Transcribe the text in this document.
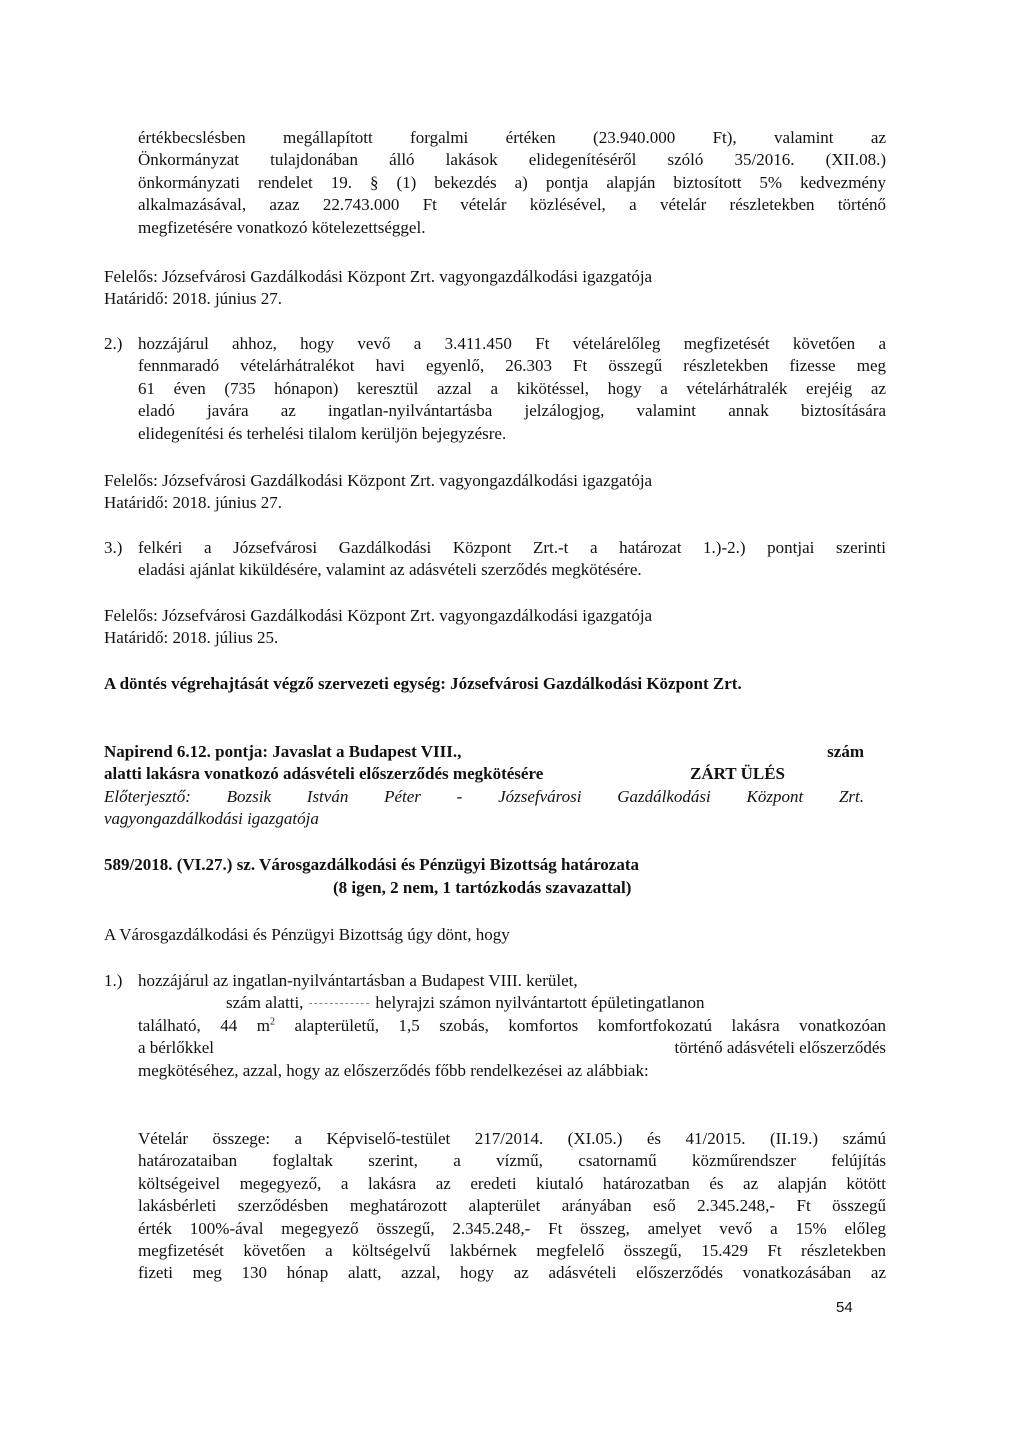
értékbecslésben megállapított forgalmi értéken (23.940.000 Ft), valamint az
Önkormányzat tulajdonában álló lakások elidegenítéséről szóló 35/2016. (XII.08.)
önkormányzati rendelet 19. § (1) bekezdés a) pontja alapján biztosított 5% kedvezmény
alkalmazásával, azaz 22.743.000 Ft vételár közlésével, a vételár részletekben történő
megfizetésére vonatkozó kötelezettséggel.
Felelős: Józsefvárosi Gazdálkodási Központ Zrt. vagyongazdálkodási igazgatója
Határidő: 2018. június 27.
2.) hozzájárul ahhoz, hogy vevő a 3.411.450 Ft vételárelőleg megfizetését követően a
fennmaradó vételárhátralékot havi egyenlő, 26.303 Ft összegű részletekben fizesse meg
61 éven (735 hónapon) keresztül azzal a kikötéssel, hogy a vételárhátralék erejéig az
eladó javára az ingatlan-nyilvántartásba jelzálogjog, valamint annak biztosítására
elidegenítési és terhelési tilalom kerüljön bejegyzésre.
Felelős: Józsefvárosi Gazdálkodási Központ Zrt. vagyongazdálkodási igazgatója
Határidő: 2018. június 27.
3.) felkéri a Józsefvárosi Gazdálkodási Központ Zrt.-t a határozat 1.)-2.) pontjai szerinti
eladási ajánlat kiküldésére, valamint az adásvételi szerződés megkötésére.
Felelős: Józsefvárosi Gazdálkodási Központ Zrt. vagyongazdálkodási igazgatója
Határidő: 2018. július 25.
A döntés végrehajtását végző szervezeti egység: Józsefvárosi Gazdálkodási Központ Zrt.
Napirend 6.12. pontja: Javaslat a Budapest VIII.,	szám
alatti lakásra vonatkozó adásvételi előszerződés megkötésére	ZÁRT ÜLÉS
Előterjesztő: Bozsik István Péter - Józsefvárosi Gazdálkodási Központ Zrt.
vagyongazdálkodási igazgatója
589/2018. (VI.27.) sz. Városgazdálkodási és Pénzügyi Bizottság határozata
(8 igen, 2 nem, 1 tartózkodás szavazattal)
A Városgazdálkodási és Pénzügyi Bizottság úgy dönt, hogy
1.) hozzájárul az ingatlan-nyilvántartásban a Budapest VIII. kerület,
szám alatti,	helyrajzi számon nyilvántartott épületingatlanon
található, 44 $m^2$ alapterületű, 1,5 szobás, komfortos komfortfokozatú lakásra vonatkozóan
a bérlőkkel	történő adásvételi előszerződés
megkötéséhez, azzal, hogy az előszerződés főbb rendelkezései az alábbiak:
Vételár összege: a Képviselő-testület 217/2014. (XI.05.) és 41/2015. (II.19.) számú
határozataiban foglaltak szerint, a vízmű, csatornamű közműrendszer felújítás
költségeivel megegyező, a lakásra az eredeti kiutaló határozatban és az alapján kötött
lakásbérleti szerződésben meghatározott alapterület arányában eső 2.345.248,- Ft összegű
érték 100%-ával megegyező összegű, 2.345.248,- Ft összeg, amelyet vevő a 15% előleg
megfizetését követően a költségelvű lakbérnek megfelelő összegű, 15.429 Ft részletekben
fizeti meg 130 hónap alatt, azzal, hogy az adásvételi előszerződés vonatkozásában az
54
